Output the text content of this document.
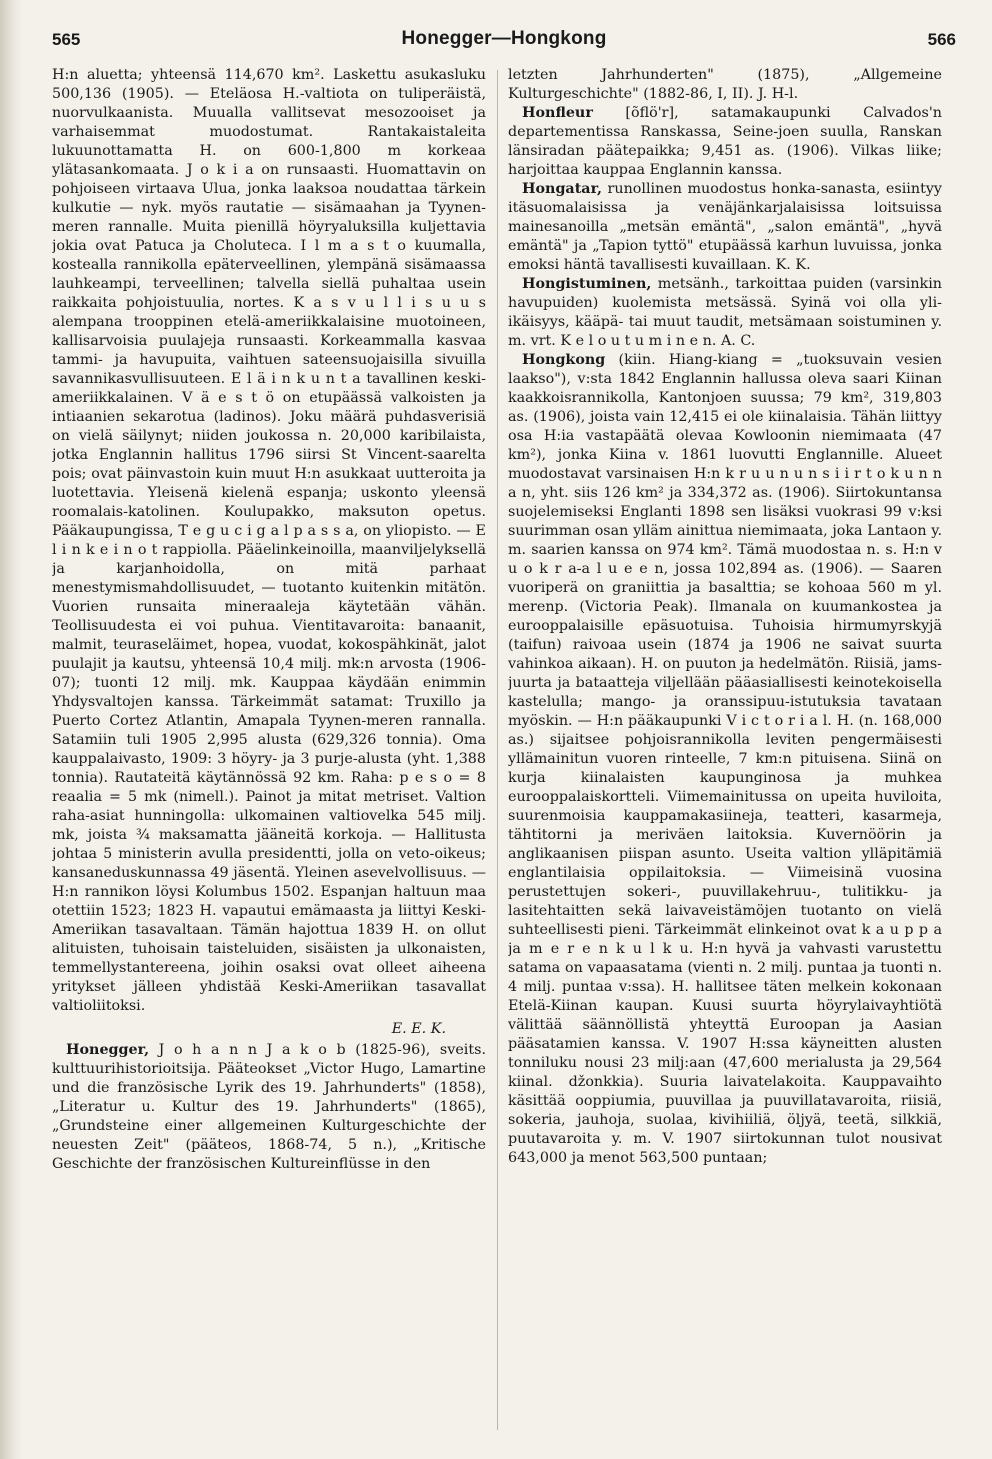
565	Honegger—Hongkong	566

H:n aluetta; yhteensä 114,670 km². Laskettu asukasluku 500,136 (1905). — Eteläosa H.-valtiota on tuliperäistä, nuorvulkaanista. Muualla vallitsevat mesozooiset ja varhaisemmat muodostumat. Rantakaistaleita lukuunottamatta H. on 600-1,800 m korkeaa ylätasankomaata. J o k i a on runsaasti. Huomattavin on pohjoiseen virtaava Ulua, jonka laaksoa noudattaa tärkein kulkutie — nyk. myös rautatie — sisämaahan ja Tyynen-meren rannalle. Muita pienillä höyryaluksilla kuljettavia jokia ovat Patuca ja Choluteca. I l m a s t o kuumalla, kostealla rannikolla epäterveellinen, ylempänä sisämaassa lauhkeampi, terveellinen; talvella siellä puhaltaa usein raikkaita pohjoistuulia, nortes. K a s v u l l i s u u s alempana trooppinen etelä-ameriikkalaisine muotoineen, kallisarvoisia puulajeja runsaasti. Korkeammalla kasvaa tammi- ja havupuita, vaihtuen sateensuojaisilla sivuilla savannikasvullisuuteen. E l ä i n k u n t a tavallinen keski-ameriikkalainen. V ä e s t ö on etupäässä valkoisten ja intiaanien sekarotua (ladinos). Joku määrä puhdasverisiä on vielä säilynyt; niiden joukossa n. 20,000 karibilaista, jotka Englannin hallitus 1796 siirsi St Vincent-saarelta pois; ovat päinvastoin kuin muut H:n asukkaat uutteroita ja luotettavia. Yleisenä kielenä espanja; uskonto yleensä roomalais-katolinen. Koulupakko, maksuton opetus. Pääkaupungissa, T e g u c i g a l p a s s a, on yliopisto. — E l i n k e i n o t rappiolla. Pääelinkeinoilla, maanviljelyksellä ja karjanhoidolla, on mitä parhaat menestymismahdollisuudet, — tuotanto kuitenkin mitätön. Vuorien runsaita mineraaleja käytetään vähän. Teollisuudesta ei voi puhua. Vientitavaroita: banaanit, malmit, teuraseläimet, hopea, vuodat, kokospähkinät, jalot puulajit ja kautsu, yhteensä 10,4 milj. mk:n arvosta (1906-07); tuonti 12 milj. mk. Kauppaa käydään enimmin Yhdysvaltojen kanssa. Tärkeimmät satamat: Truxillo ja Puerto Cortez Atlantin, Amapala Tyynen-meren rannalla. Satamiin tuli 1905 2,995 alusta (629,326 tonnia). Oma kauppalaivasto, 1909: 3 höyry- ja 3 purje-alusta (yht. 1,388 tonnia). Rautateitä käytännössä 92 km. Raha: p e s o = 8 reaalia = 5 mk (nimell.). Painot ja mitat metriset. Valtion raha-asiat hunningolla: ulkomainen valtiovelka 545 milj. mk, joista ¾ maksamatta jääneitä korkoja. — Hallitusta johtaa 5 ministerin avulla presidentti, jolla on veto-oikeus; kansaneduskunnassa 49 jäsentä. Yleinen asevelvollisuus. — H:n rannikon löysi Kolumbus 1502. Espanjan haltuun maa otettiin 1523; 1823 H. vapautui emämaasta ja liittyi Keski-Ameriikan tasavaltaan. Tämän hajottua 1839 H. on ollut alituisten, tuhoisain taisteluiden, sisäisten ja ulkonaisten, temmellystantereena, joihin osaksi ovat olleet aiheena yritykset jälleen yhdistää Keski-Ameriikan tasavallat valtioliitoksi.

E. E. K.

Honegger, J o h a n n J a k o b (1825-96), sveits. kulttuurihistorioitsija. Pääteokset „Victor Hugo, Lamartine und die französische Lyrik des 19. Jahrhunderts" (1858), „Literatur u. Kultur des 19. Jahrhunderts" (1865), „Grundsteine einer allgemeinen Kulturgeschichte der neuesten Zeit" (pääteos, 1868-74, 5 n.), „Kritische Geschichte der französischen Kultureinflüsse in den

letzten Jahrhunderten" (1875), „Allgemeine Kulturgeschichte" (1882-86, I, II). J. H-l.

Honfleur [õflö'r], satamakaupunki Calvados'n departementissa Ranskassa, Seine-joen suulla, Ranskan länsiradan päätepaikka; 9,451 as. (1906). Vilkas liike; harjoittaa kauppaa Englannin kanssa.

Hongatar, runollinen muodostus honka-sanasta, esiintyy itäsuomalaisissa ja venäjänkarjalaisissa loitsuissa mainesanoilla „metsän emäntä", „salon emäntä", „hyvä emäntä" ja „Tapion tyttö" etupäässä karhun luvuissa, jonka emoksi häntä tavallisesti kuvaillaan. K. K.

Hongistuminen, metsänh., tarkoittaa puiden (varsinkin havupuiden) kuolemista metsässä. Syinä voi olla yli-ikäisyys, kääpä- tai muut taudit, metsämaan soistuminen y. m. vrt. K e l o u t u m i n e n. A. C.

Hongkong (kiin. Hiang-kiang = „tuoksuvain vesien laakso"), v:sta 1842 Englannin hallussa oleva saari Kiinan kaakkoisrannikolla, Kantonjoen suussa; 79 km², 319,803 as. (1906), joista vain 12,415 ei ole kiinalaisia. Tähän liittyy osa H:ia vastapäätä olevaa Kowloonin niemimaata (47 km²), jonka Kiina v. 1861 luovutti Englannille. Alueet muodostavat varsinaisen H:n k r u u n u n s i i r t o k u n n a n, yht. siis 126 km² ja 334,372 as. (1906). Siirtokuntansa suojelemiseksi Englanti 1898 sen lisäksi vuokrasi 99 v:ksi suurimman osan ylläm ainittua niemimaata, joka Lantaon y. m. saarien kanssa on 974 km². Tämä muodostaa n. s. H:n v u o k r a-a l u e e n, jossa 102,894 as. (1906). — Saaren vuoriperä on graniittia ja basalttia; se kohoaa 560 m yl. merenp. (Victoria Peak). Ilmanala on kuumankostea ja eurooppalaisille epäsuotuisa. Tuhoisia hirmumyrskyjä (taifun) raivoaa usein (1874 ja 1906 ne saivat suurta vahinkoa aikaan). H. on puuton ja hedelmätön. Riisiä, jams-juurta ja bataatteja viljellään pääasiallisesti keinotekoisella kastelulla; mango- ja oranssipuu-istutuksia tavataan myöskin. — H:n pääkaupunki V i c t o r i a l. H. (n. 168,000 as.) sijaitsee pohjoisrannikolla leviten pengermäisesti yllämainitun vuoren rinteelle, 7 km:n pituisena. Siinä on kurja kiinalaisten kaupunginosa ja muhkea eurooppalaiskortteli. Viimemainitussa on upeita huviloita, suurenmoisia kauppamakasiineja, teatteri, kasarmeja, tähtitorni ja meriväen laitoksia. Kuvernöörin ja anglikaanisen piispan asunto. Useita valtion ylläpitämiä englantilaisia oppilaitoksia. — Viimeisinä vuosina perustettujen sokeri-, puuvillakehruu-, tulitikku- ja lasitehtaitten sekä laivaveistämöjen tuotanto on vielä suhteellisesti pieni. Tärkeimmät elinkeinot ovat k a u p p a ja m e r e n k u l k u. H:n hyvä ja vahvasti varustettu satama on vapaasatama (vienti n. 2 milj. puntaa ja tuonti n. 4 milj. puntaa v:ssa). H. hallitsee täten melkein kokonaan Etelä-Kiinan kaupan. Kuusi suurta höyrylaivayhtiötä välittää säännöllistä yhteyttä Euroopan ja Aasian pääsatamien kanssa. V. 1907 H:ssa käyneitten alusten tonniluku nousi 23 milj:aan (47,600 merialusta ja 29,564 kiinal. džonkkia). Suuria laivatelakoita. Kauppavaihto käsittää ooppiumia, puuvillaa ja puuvillatavaroita, riisiä, sokeria, jauhoja, suolaa, kivihiiliä, öljyä, teetä, silkkiä, puutavaroita y. m. V. 1907 siirtokunnan tulot nousivat 643,000 ja menot 563,500 puntaan;
